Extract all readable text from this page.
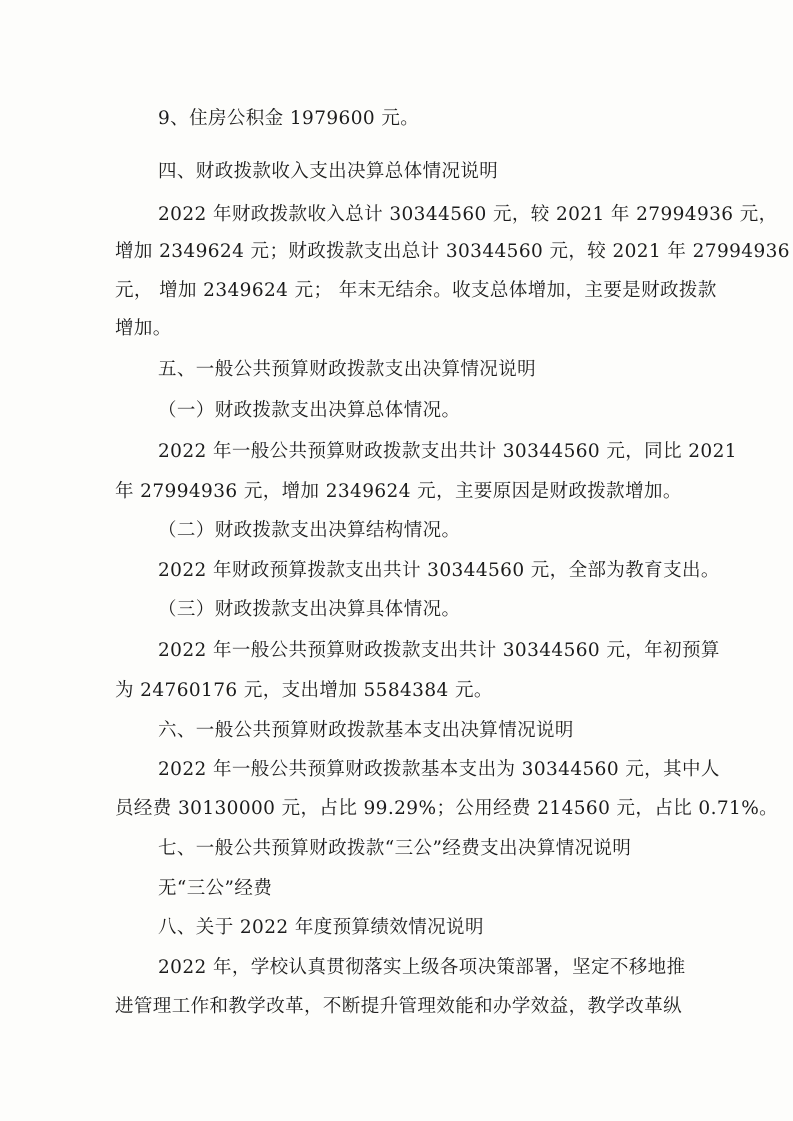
9、住房公积金 1979600 元。
四、财政拨款收入支出决算总体情况说明
2022 年财政拨款收入总计 30344560 元，较 2021 年 27994936 元，
增加 2349624 元；财政拨款支出总计 30344560 元，较 2021 年 27994936
元， 增加 2349624 元； 年末无结余。收支总体增加，主要是财政拨款
增加。
五、一般公共预算财政拨款支出决算情况说明
（一）财政拨款支出决算总体情况。
2022 年一般公共预算财政拨款支出共计 30344560 元，同比 2021
年 27994936 元，增加 2349624 元，主要原因是财政拨款增加。
（二）财政拨款支出决算结构情况。
2022 年财政预算拨款支出共计 30344560 元，全部为教育支出。
（三）财政拨款支出决算具体情况。
2022 年一般公共预算财政拨款支出共计 30344560 元，年初预算
为 24760176 元，支出增加 5584384 元。
六、一般公共预算财政拨款基本支出决算情况说明
2022 年一般公共预算财政拨款基本支出为 30344560 元，其中人
员经费 30130000 元，占比 99.29%；公用经费 214560 元，占比 0.71%。
七、一般公共预算财政拨款“三公”经费支出决算情况说明
无“三公”经费
八、关于 2022 年度预算绩效情况说明
2022 年，学校认真贯彻落实上级各项决策部署，坚定不移地推
进管理工作和教学改革，不断提升管理效能和办学效益，教学改革纵
